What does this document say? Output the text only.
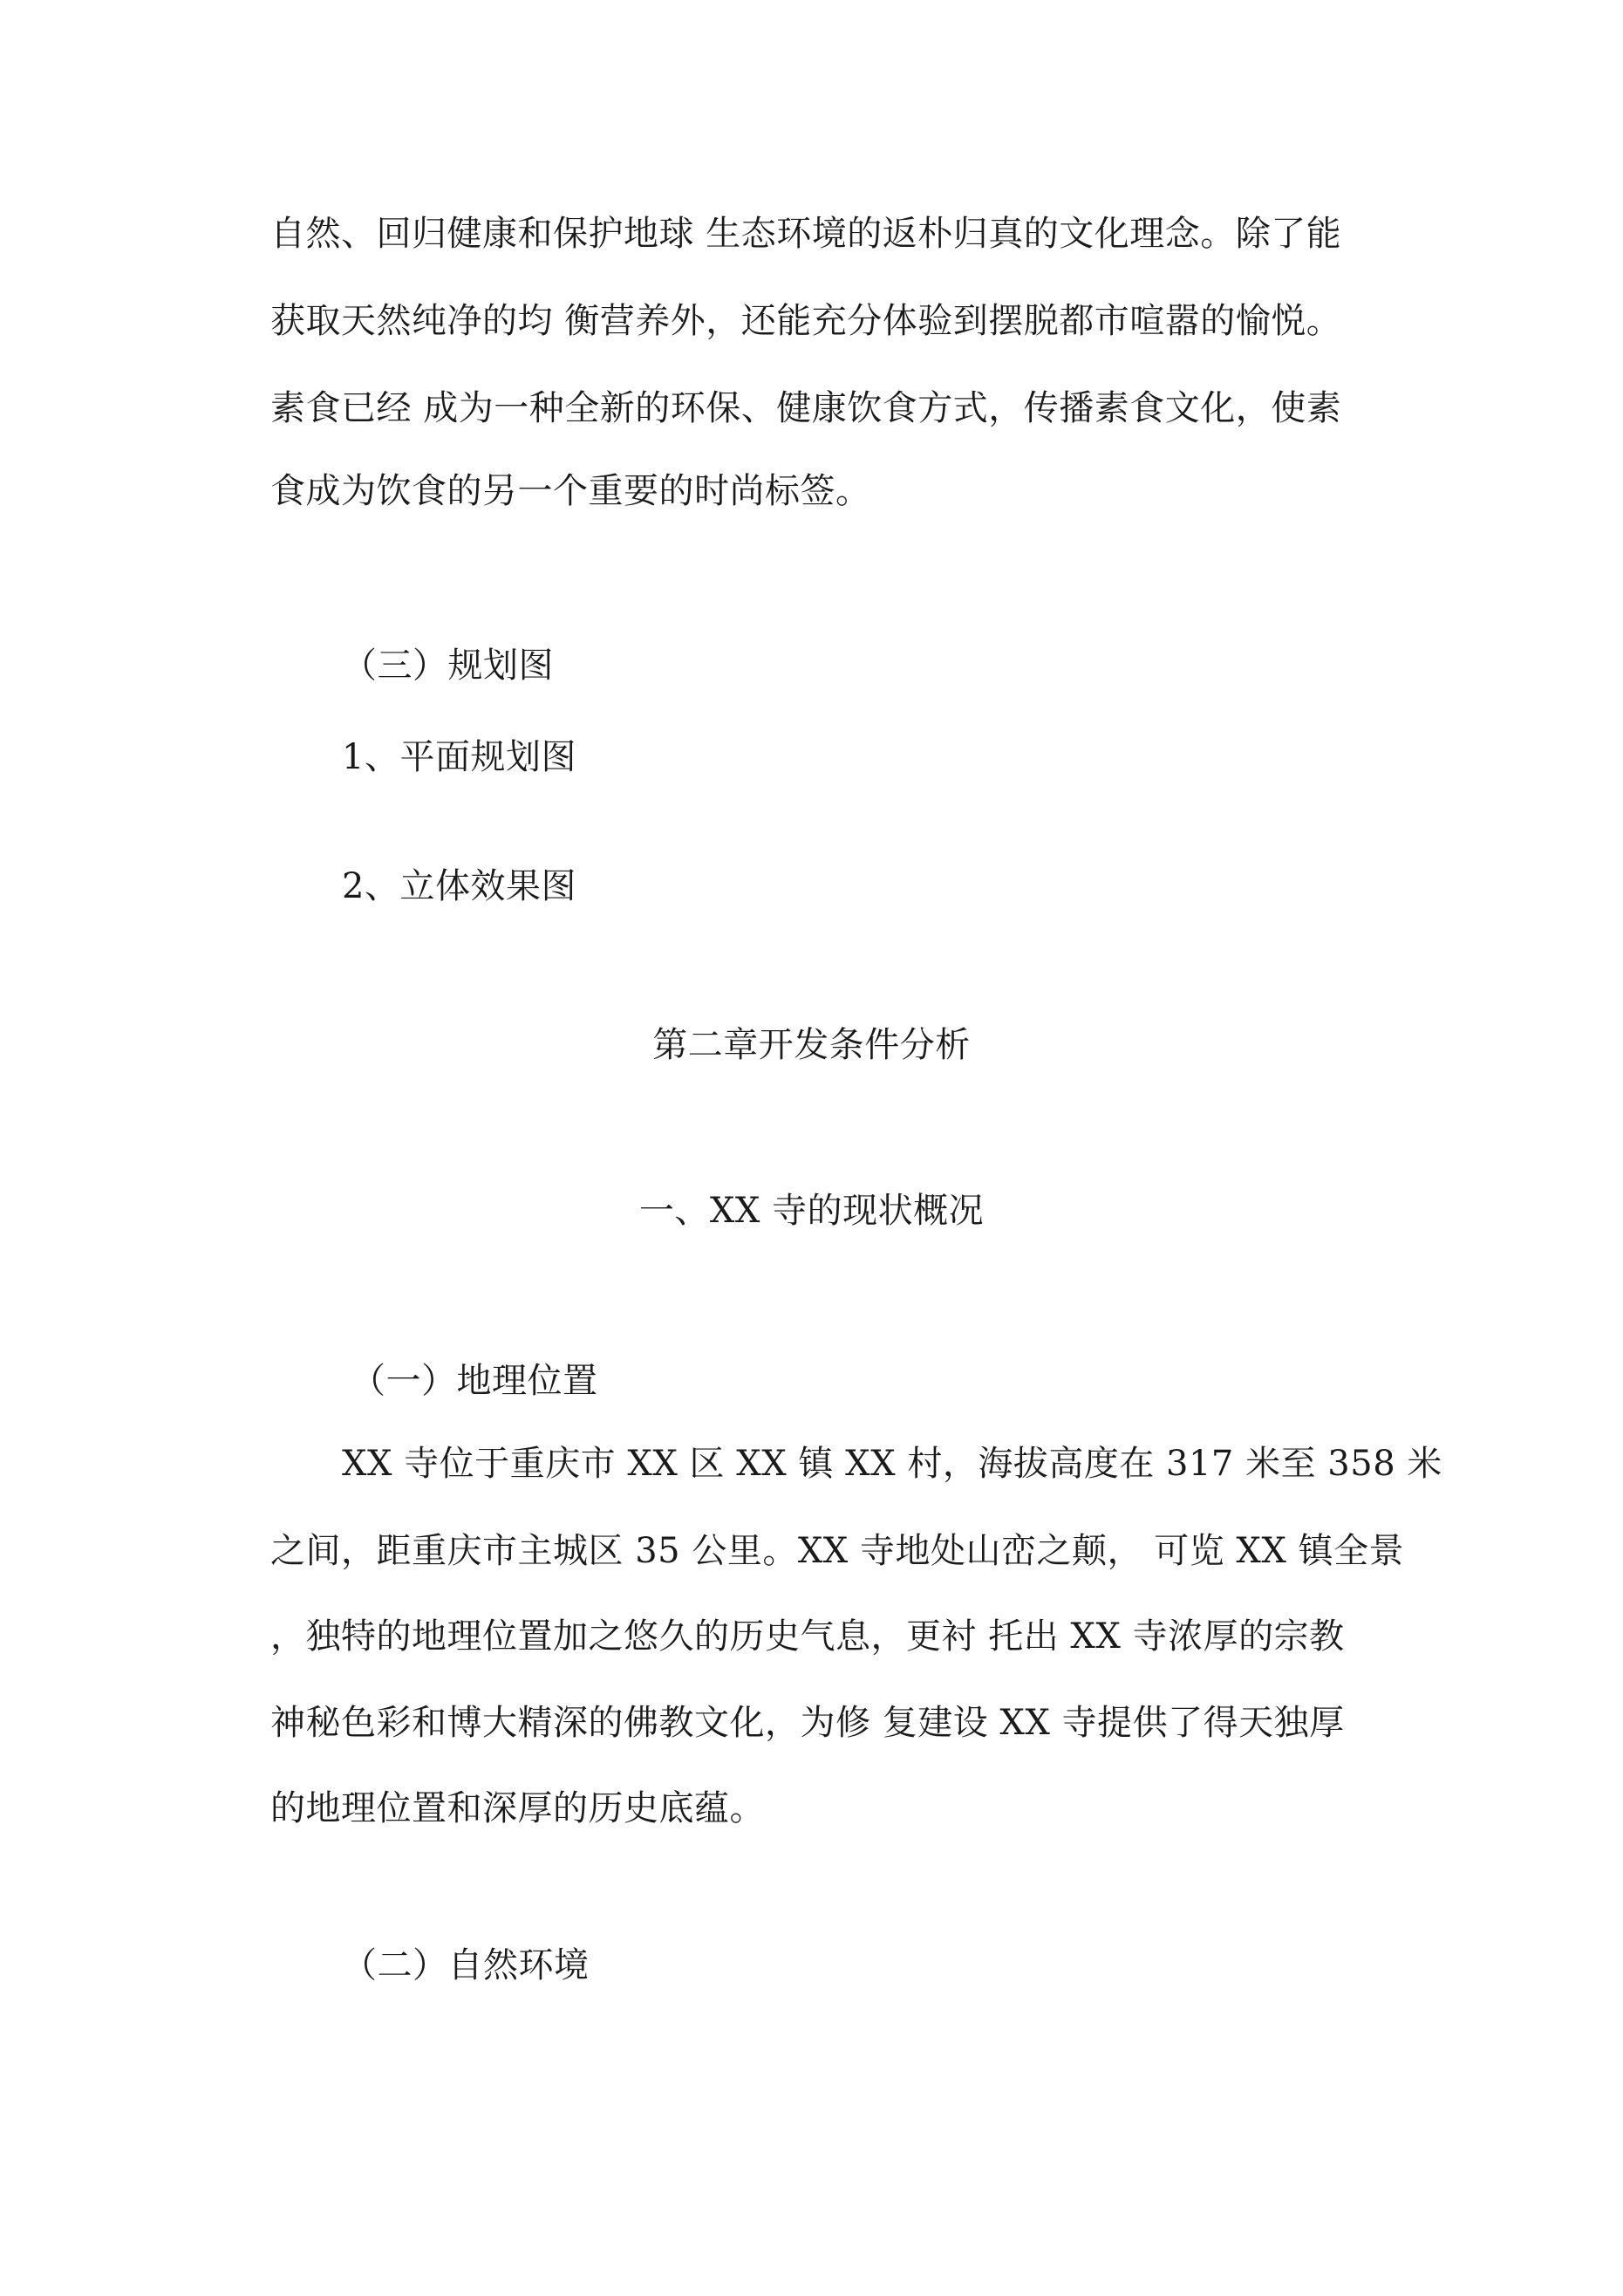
自然、回归健康和保护地球 生态环境的返朴归真的文化理念。除了能
获取天然纯净的均 衡营养外，还能充分体验到摆脱都市喧嚣的愉悦。
素食已经 成为一种全新的环保、健康饮食方式，传播素食文化，使素
食成为饮食的另一个重要的时尚标签。
（三）规划图
1、平面规划图
2、立体效果图
第二章开发条件分析
一、XX 寺的现状概况
（一）地理位置
XX 寺位于重庆市 XX 区 XX 镇 XX 村，海拔高度在 317 米至 358 米
之间，距重庆市主城区 35 公里。XX 寺地处山峦之颠， 可览 XX 镇全景
，独特的地理位置加之悠久的历史气息，更衬 托出 XX 寺浓厚的宗教
神秘色彩和博大精深的佛教文化，为修 复建设 XX 寺提供了得天独厚
的地理位置和深厚的历史底蕴。
（二）自然环境
